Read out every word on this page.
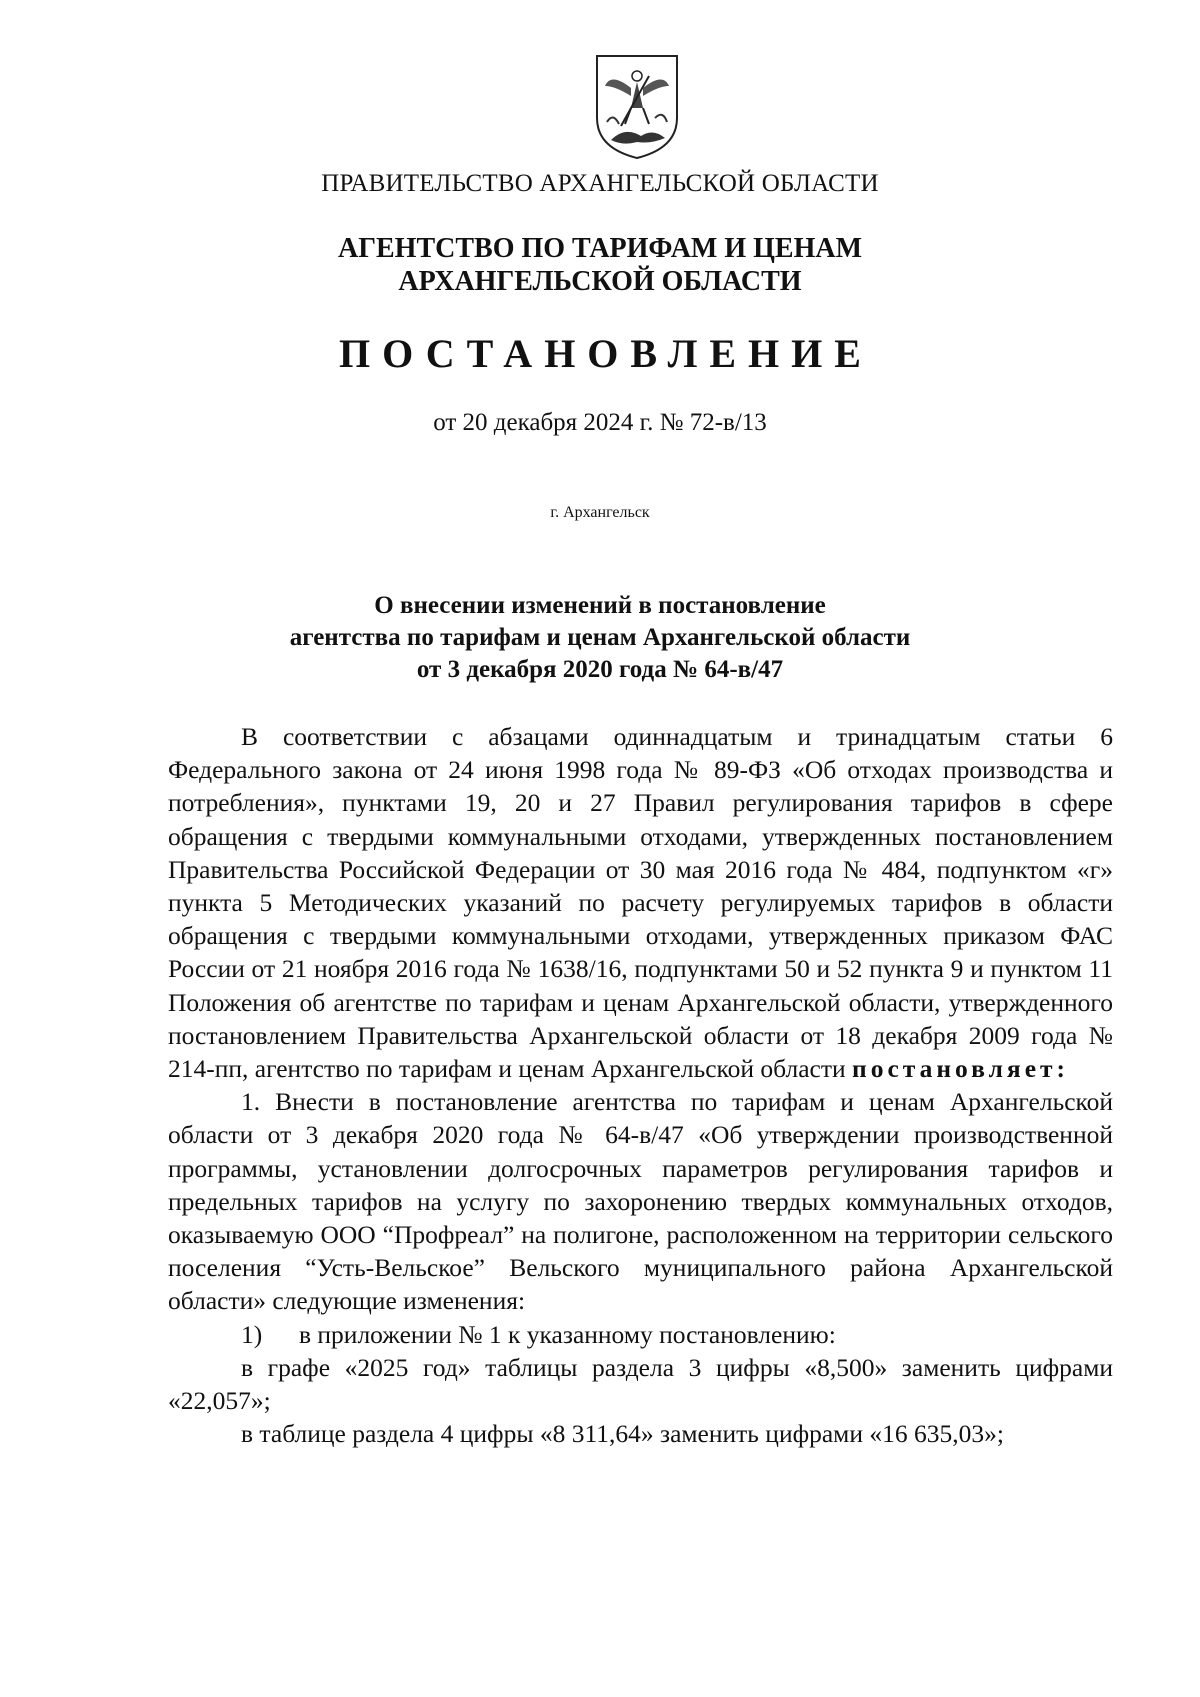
ПРАВИТЕЛЬСТВО АРХАНГЕЛЬСКОЙ ОБЛАСТИ
АГЕНТСТВО ПО ТАРИФАМ И ЦЕНАМ
АРХАНГЕЛЬСКОЙ ОБЛАСТИ
ПОСТАНОВЛЕНИЕ
от 20 декабря 2024 г. № 72-в/13
г. Архангельск
О внесении изменений в постановление
агентства по тарифам и ценам Архангельской области
от 3 декабря 2020 года № 64-в/47

В соответствии с абзацами одиннадцатым и тринадцатым статьи 6 Федерального закона от 24 июня 1998 года № 89-ФЗ «Об отходах производства и потребления», пунктами 19, 20 и 27 Правил регулирования тарифов в сфере обращения с твердыми коммунальными отходами, утвержденных постановлением Правительства Российской Федерации от 30 мая 2016 года № 484, подпунктом «г» пункта 5 Методических указаний по расчету регулируемых тарифов в области обращения с твердыми коммунальными отходами, утвержденных приказом ФАС России от 21 ноября 2016 года № 1638/16, подпунктами 50 и 52 пункта 9 и пунктом 11 Положения об агентстве по тарифам и ценам Архангельской области, утвержденного постановлением Правительства Архангельской области от 18 декабря 2009 года № 214-пп, агентство по тарифам и ценам Архангельской области постановляет:

1. Внести в постановление агентства по тарифам и ценам Архангельской области от 3 декабря 2020 года № 64-в/47 «Об утверждении производственной программы, установлении долгосрочных параметров регулирования тарифов и предельных тарифов на услугу по захоронению твердых коммунальных отходов, оказываемую ООО “Профреал” на полигоне, расположенном на территории сельского поселения “Усть-Вельское” Вельского муниципального района Архангельской области» следующие изменения:

1) в приложении № 1 к указанному постановлению:

в графе «2025 год» таблицы раздела 3 цифры «8,500» заменить цифрами «22,057»;

в таблице раздела 4 цифры «8 311,64» заменить цифрами «16 635,03»;
